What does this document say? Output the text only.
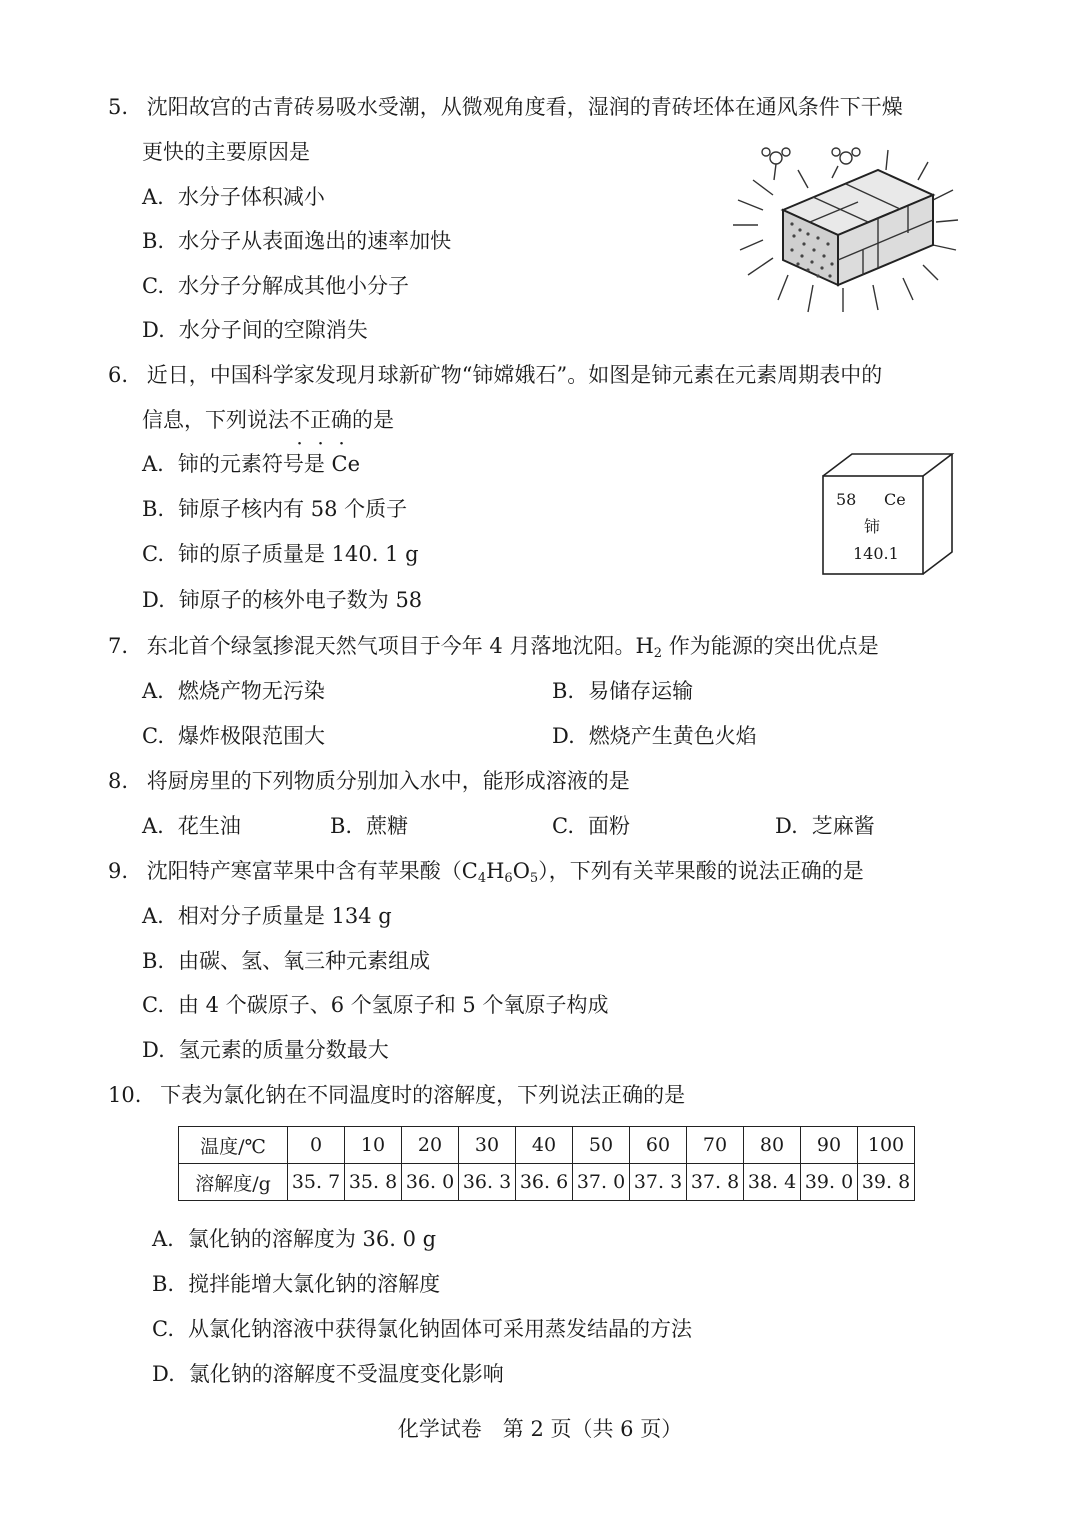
5. 沈阳故宫的古青砖易吸水受潮，从微观角度看，湿润的青砖坯体在通风条件下干燥
更快的主要原因是
A. 水分子体积减小
B. 水分子从表面逸出的速率加快
C. 水分子分解成其他小分子
D. 水分子间的空隙消失
6. 近日，中国科学家发现月球新矿物“铈嫦娥石”。如图是铈元素在元素周期表中的
信息，下列说法不正确的是
A. 铈的元素符号是 Ce
B. 铈原子核内有 58 个质子
C. 铈的原子质量是 140. 1 g
D. 铈原子的核外电子数为 58
58 Ce
铈
140.1
7. 东北首个绿氢掺混天然气项目于今年 4 月落地沈阳。$H_2$ 作为能源的突出优点是
A. 燃烧产物无污染	B. 易储存运输
C. 爆炸极限范围大	D. 燃烧产生黄色火焰
8. 将厨房里的下列物质分别加入水中，能形成溶液的是
A. 花生油	B. 蔗糖	C. 面粉	D. 芝麻酱
9. 沈阳特产寒富苹果中含有苹果酸$(C_4H_6O_5)$，下列有关苹果酸的说法正确的是
A. 相对分子质量是 134 g
B. 由碳、氢、氧三种元素组成
C. 由 4 个碳原子、6 个氢原子和 5 个氧原子构成
D. 氢元素的质量分数最大
10. 下表为氯化钠在不同温度时的溶解度，下列说法正确的是
温度/℃	0	10	20	30	40	50	60	70	80	90	100
溶解度/g	35. 7	35. 8	36. 0	36. 3	36. 6	37. 0	37. 3	37. 8	38. 4	39. 0	39. 8
A. 氯化钠的溶解度为 36. 0 g
B. 搅拌能增大氯化钠的溶解度
C. 从氯化钠溶液中获得氯化钠固体可采用蒸发结晶的方法
D. 氯化钠的溶解度不受温度变化影响
化学试卷　第 2 页（共 6 页）
